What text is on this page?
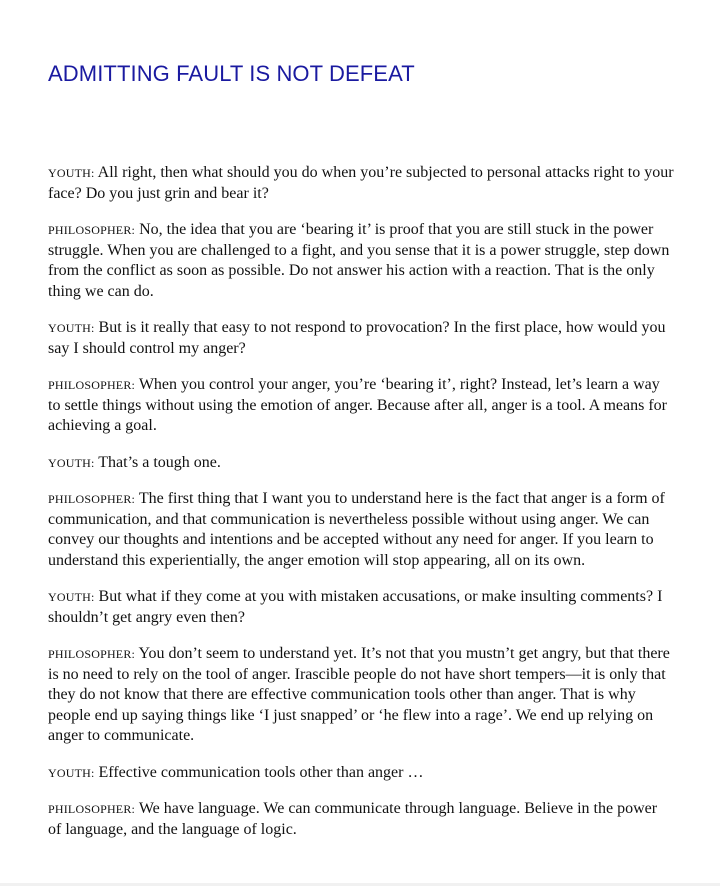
ADMITTING FAULT IS NOT DEFEAT

YOUTH: All right, then what should you do when you’re subjected to personal attacks right to your face? Do you just grin and bear it?

PHILOSOPHER: No, the idea that you are ‘bearing it’ is proof that you are still stuck in the power struggle. When you are challenged to a fight, and you sense that it is a power struggle, step down from the conflict as soon as possible. Do not answer his action with a reaction. That is the only thing we can do.

YOUTH: But is it really that easy to not respond to provocation? In the first place, how would you say I should control my anger?

PHILOSOPHER: When you control your anger, you’re ‘bearing it’, right? Instead, let’s learn a way to settle things without using the emotion of anger. Because after all, anger is a tool. A means for achieving a goal.

YOUTH: That’s a tough one.

PHILOSOPHER: The first thing that I want you to understand here is the fact that anger is a form of communication, and that communication is nevertheless possible without using anger. We can convey our thoughts and intentions and be accepted without any need for anger. If you learn to understand this experientially, the anger emotion will stop appearing, all on its own.

YOUTH: But what if they come at you with mistaken accusations, or make insulting comments? I shouldn’t get angry even then?

PHILOSOPHER: You don’t seem to understand yet. It’s not that you mustn’t get angry, but that there is no need to rely on the tool of anger. Irascible people do not have short tempers—it is only that they do not know that there are effective communication tools other than anger. That is why people end up saying things like ‘I just snapped’ or ‘he flew into a rage’. We end up relying on anger to communicate.

YOUTH: Effective communication tools other than anger …

PHILOSOPHER: We have language. We can communicate through language. Believe in the power of language, and the language of logic.
